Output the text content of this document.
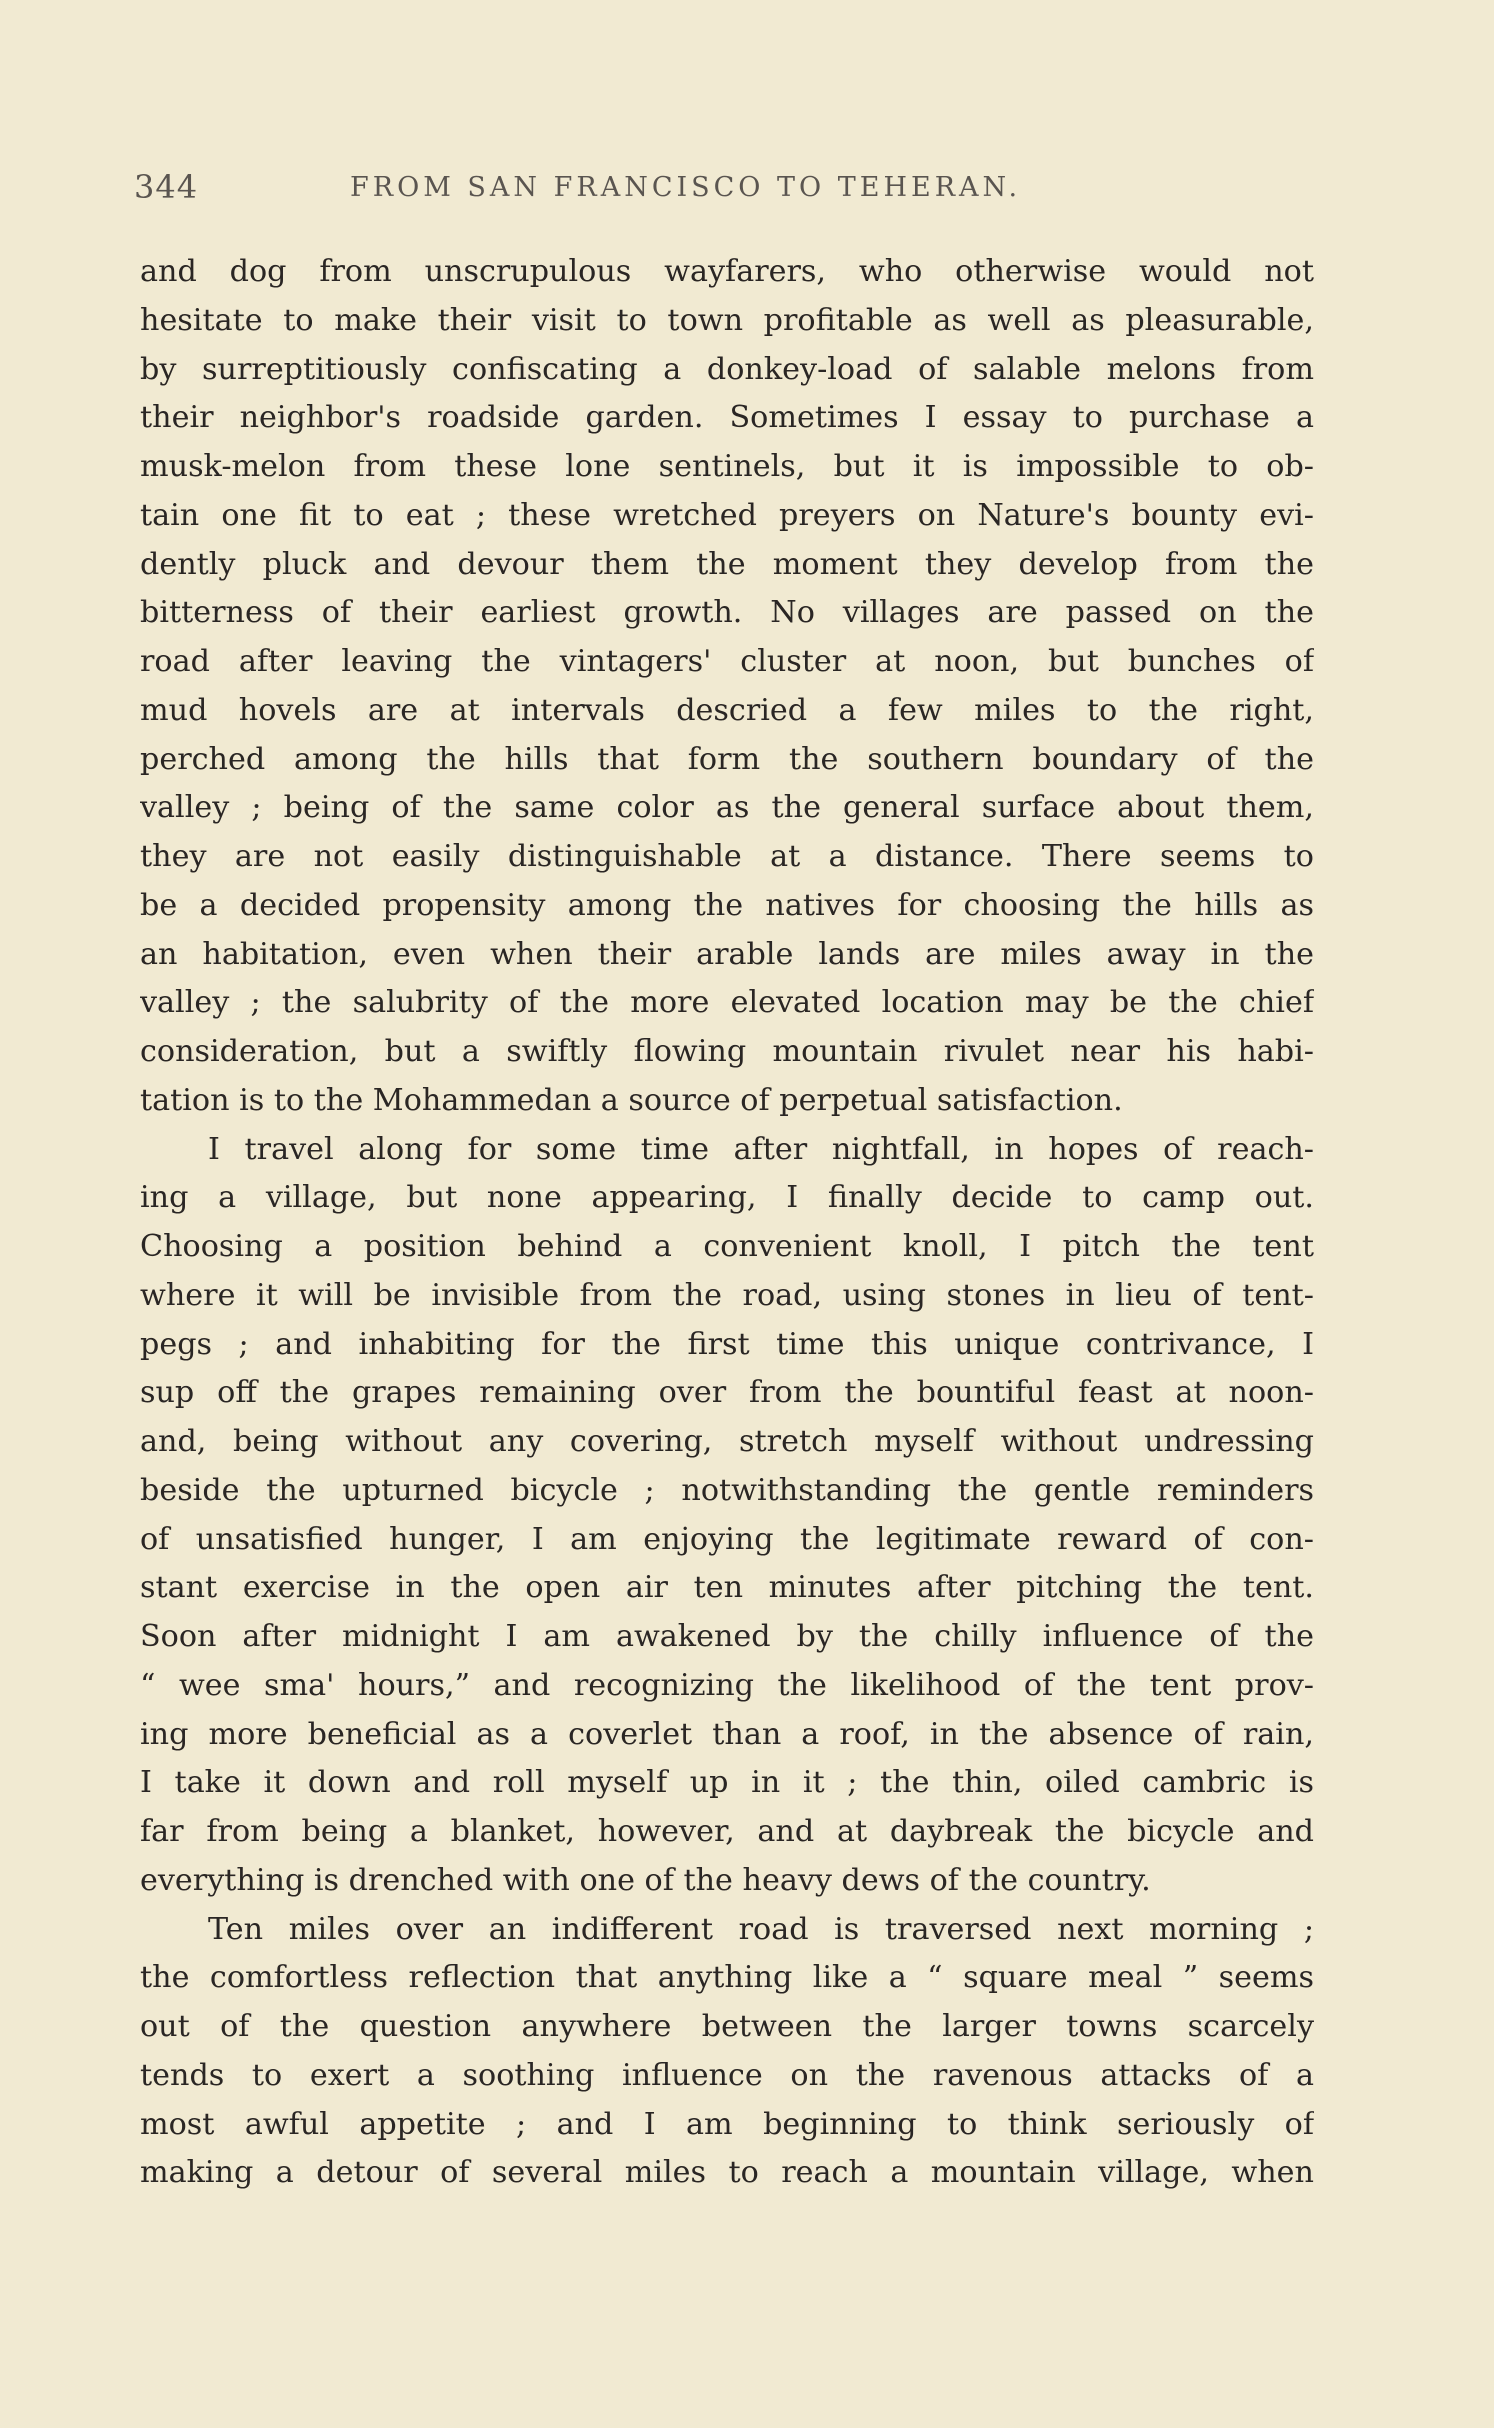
344	FROM SAN FRANCISCO TO TEHERAN.
and dog from unscrupulous wayfarers, who otherwise would not
hesitate to make their visit to town profitable as well as pleasurable,
by surreptitiously confiscating a donkey-load of salable melons from
their neighbor's roadside garden. Sometimes I essay to purchase a
musk-melon from these lone sentinels, but it is impossible to ob-
tain one fit to eat ; these wretched preyers on Nature's bounty evi-
dently pluck and devour them the moment they develop from the
bitterness of their earliest growth. No villages are passed on the
road after leaving the vintagers' cluster at noon, but bunches of
mud hovels are at intervals descried a few miles to the right,
perched among the hills that form the southern boundary of the
valley ; being of the same color as the general surface about them,
they are not easily distinguishable at a distance. There seems to
be a decided propensity among the natives for choosing the hills as
an habitation, even when their arable lands are miles away in the
valley ; the salubrity of the more elevated location may be the chief
consideration, but a swiftly flowing mountain rivulet near his habi-
tation is to the Mohammedan a source of perpetual satisfaction.
I travel along for some time after nightfall, in hopes of reach-
ing a village, but none appearing, I finally decide to camp out.
Choosing a position behind a convenient knoll, I pitch the tent
where it will be invisible from the road, using stones in lieu of tent-
pegs ; and inhabiting for the first time this unique contrivance, I
sup off the grapes remaining over from the bountiful feast at noon-
and, being without any covering, stretch myself without undressing
beside the upturned bicycle ; notwithstanding the gentle reminders
of unsatisfied hunger, I am enjoying the legitimate reward of con-
stant exercise in the open air ten minutes after pitching the tent.
Soon after midnight I am awakened by the chilly influence of the
“ wee sma' hours,” and recognizing the likelihood of the tent prov-
ing more beneficial as a coverlet than a roof, in the absence of rain,
I take it down and roll myself up in it ; the thin, oiled cambric is
far from being a blanket, however, and at daybreak the bicycle and
everything is drenched with one of the heavy dews of the country.
Ten miles over an indifferent road is traversed next morning ;
the comfortless reflection that anything like a “ square meal ” seems
out of the question anywhere between the larger towns scarcely
tends to exert a soothing influence on the ravenous attacks of a
most awful appetite ; and I am beginning to think seriously of
making a detour of several miles to reach a mountain village, when
